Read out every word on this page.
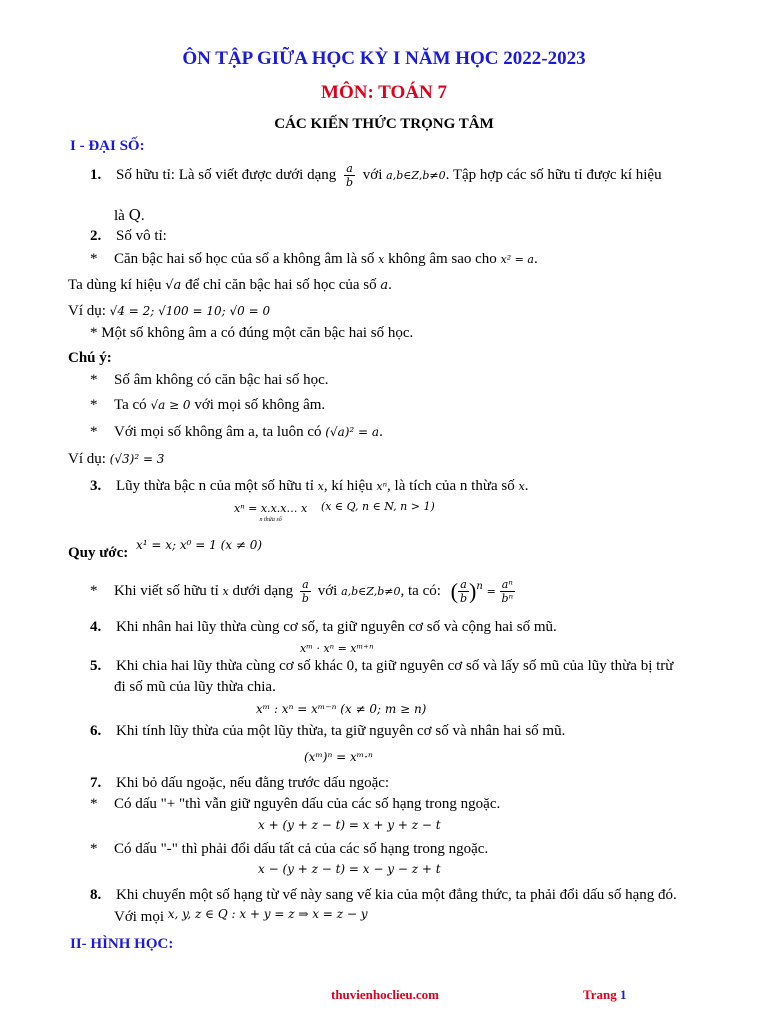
ÔN TẬP GIỮA HỌC KỲ I NĂM HỌC 2022-2023
MÔN: TOÁN 7
CÁC KIẾN THỨC TRỌNG TÂM
I - ĐẠI SỐ:
1. Số hữu tỉ: Là số viết được dưới dạng $\frac{a}{b}$ với a,b∈Z,b≠0. Tập hợp các số hữu tỉ được kí hiệu
là Q.
2. Số vô tỉ:
* Căn bậc hai số học của số a không âm là số x không âm sao cho x² = a.
Ta dùng kí hiệu √a để chỉ căn bậc hai số học của số a.
Ví dụ: √4 = 2; √100 = 10; √0 = 0
* Một số không âm a có đúng một căn bậc hai số học.
Chú ý:
* Số âm không có căn bậc hai số học.
* Ta có √a ≥ 0 với mọi số không âm.
* Với mọi số không âm a, ta luôn có (√a)² = a.
Ví dụ: (√3)² = 3
3. Lũy thừa bậc n của một số hữu tỉ x, kí hiệu xⁿ, là tích của n thừa số x.
xⁿ = x.x.x… x
n thừa số
$^{(x \in Q, n \in N, n > 1)}$
Quy ước: $^{x^1 = x; x^0 = 1 (x \ne 0)}$
* Khi viết số hữu tỉ x dưới dạng $\frac{a}{b}$ với a,b∈Z,b≠0, ta có: ( $\frac{a}{b} )^n = \frac{\text{aⁿ}}{\text{bⁿ}}$
4. Khi nhân hai lũy thừa cùng cơ số, ta giữ nguyên cơ số và cộng hai số mũ.
xᵐ · xⁿ = xᵐ⁺ⁿ
5. Khi chia hai lũy thừa cùng cơ số khác 0, ta giữ nguyên cơ số và lấy số mũ của lũy thừa bị trừ
đi số mũ của lũy thừa chia.
xᵐ : xⁿ = xᵐ⁻ⁿ (x ≠ 0; m ≥ n)
6. Khi tính lũy thừa của một lũy thừa, ta giữ nguyên cơ số và nhân hai số mũ.
(xᵐ)ⁿ = xᵐ·ⁿ
7. Khi bỏ dấu ngoặc, nếu đằng trước dấu ngoặc:
* Có dấu "+ "thì vẫn giữ nguyên dấu của các số hạng trong ngoặc.
x + (y + z − t) = x + y + z − t
* Có dấu "-" thì phải đổi dấu tất cả của các số hạng trong ngoặc.
x − (y + z − t) = x − y − z + t
8. Khi chuyển một số hạng từ vế này sang vế kia của một đẳng thức, ta phải đổi dấu số hạng đó.
Với mọi $^{x, y, z \in Q : x + y = z \Rightarrow x = z - y}$
II- HÌNH HỌC:
thuvienhoclieu.com	Trang 1
